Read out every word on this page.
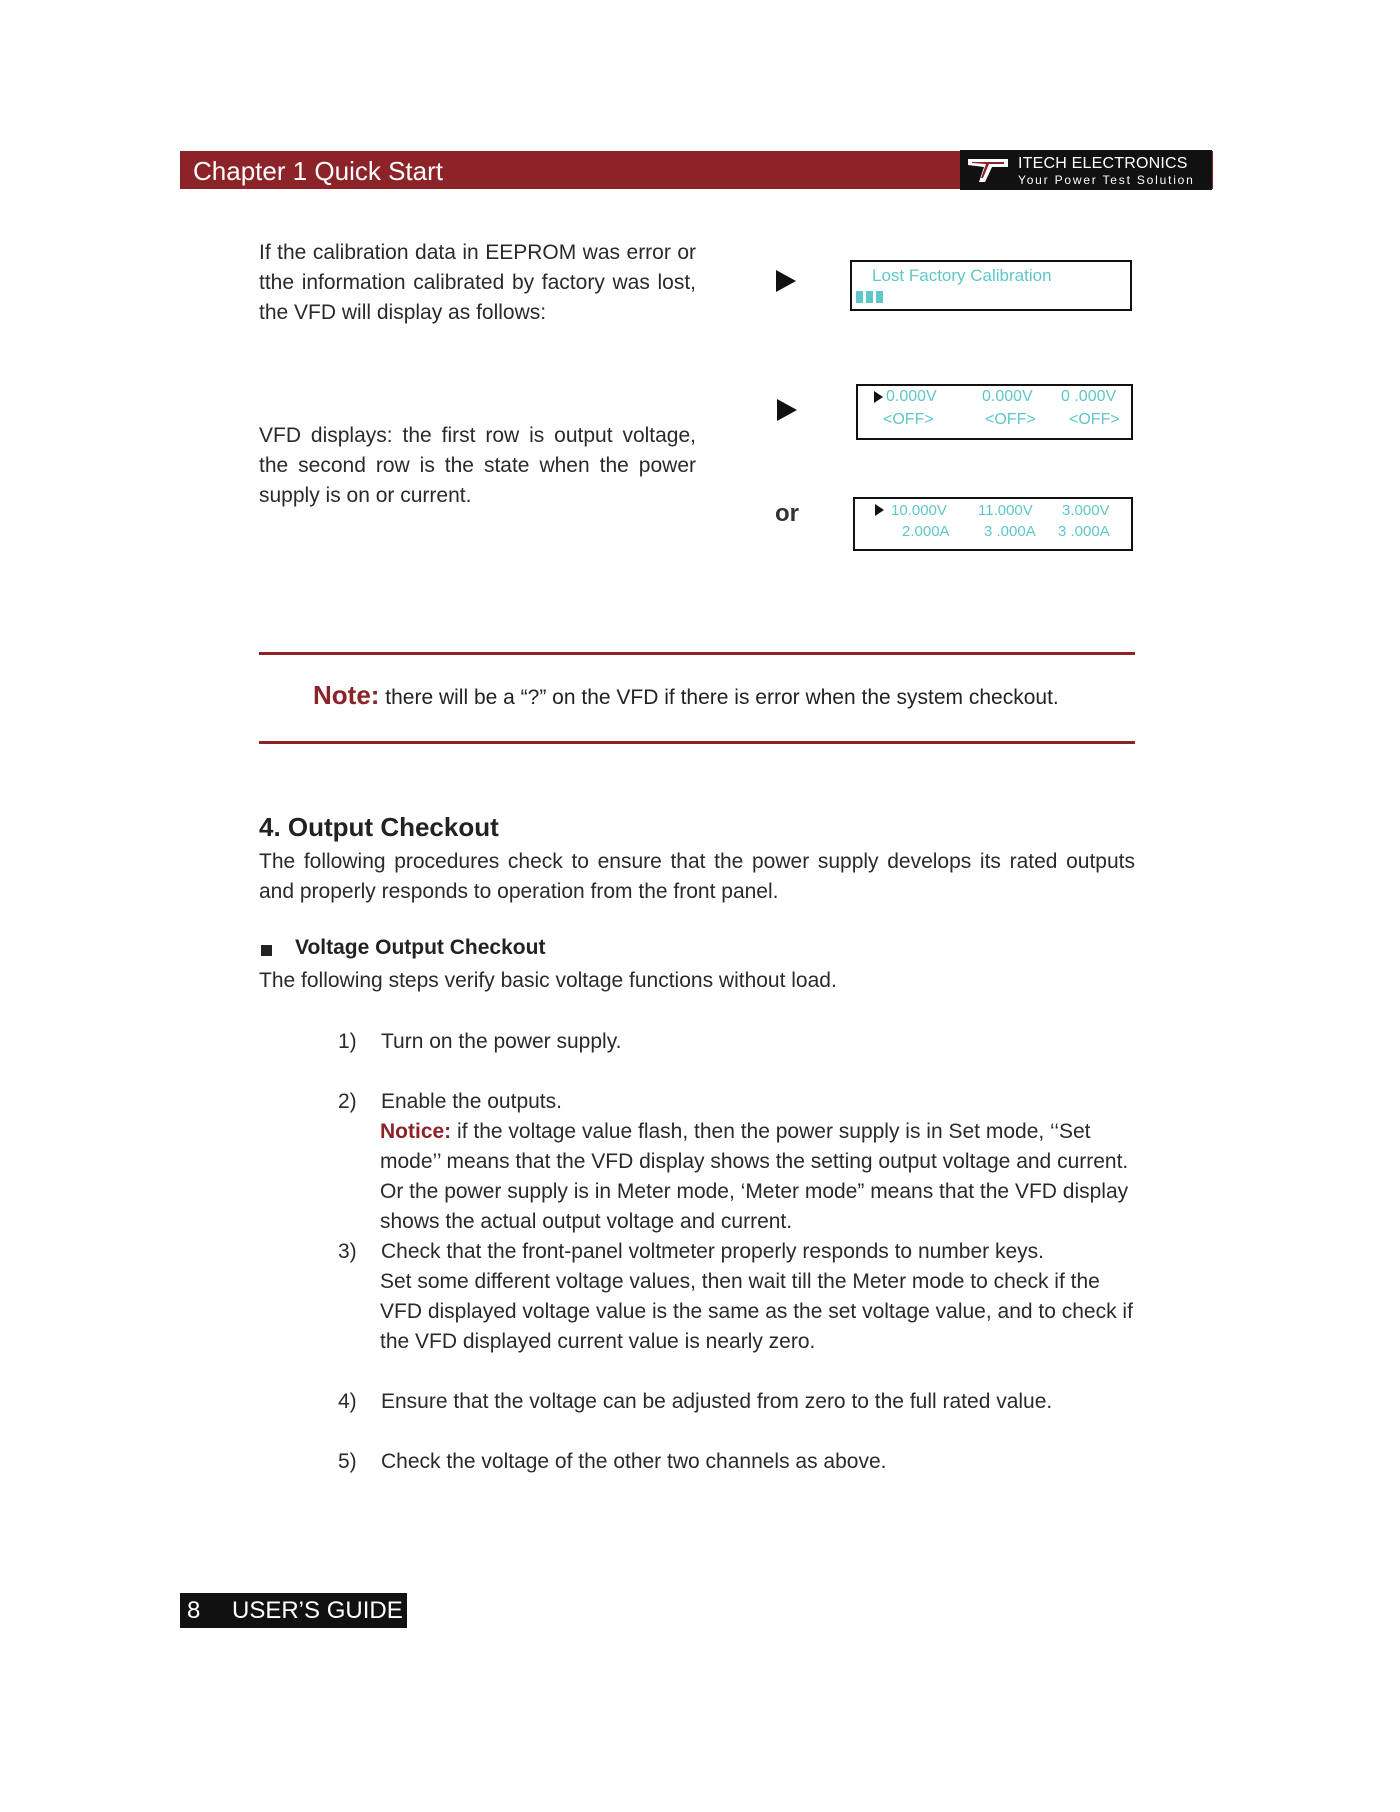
Chapter 1 Quick Start	ITECH ELECTRONICS
Your Power Test Solution
If the calibration data in EEPROM was error or tthe information calibrated by factory was lost, the VFD will display as follows:
Lost Factory Calibration
VFD displays: the first row is output voltage, the second row is the state when the power supply is on or current.
or
0.000V	0.000V 0 .000V
<OFF>	<OFF> <OFF>
10.000V 11.000V 3.000V
2.000A 3 .000A 3 .000A
Note: there will be a “?” on the VFD if there is error when the system checkout.
4. Output Checkout
The following procedures check to ensure that the power supply develops its rated outputs and properly responds to operation from the front panel.
Voltage Output Checkout
The following steps verify basic voltage functions without load.
1) Turn on the power supply.
2) Enable the outputs.
Notice: if the voltage value flash, then the power supply is in Set mode, ‘‘Set mode’’ means that the VFD display shows the setting output voltage and current. Or the power supply is in Meter mode, ‘Meter mode” means that the VFD display shows the actual output voltage and current.
3) Check that the front-panel voltmeter properly responds to number keys.
Set some different voltage values, then wait till the Meter mode to check if the VFD displayed voltage value is the same as the set voltage value, and to check if the VFD displayed current value is nearly zero.
4) Ensure that the voltage can be adjusted from zero to the full rated value.
5) Check the voltage of the other two channels as above.
8 USER’S GUIDE
